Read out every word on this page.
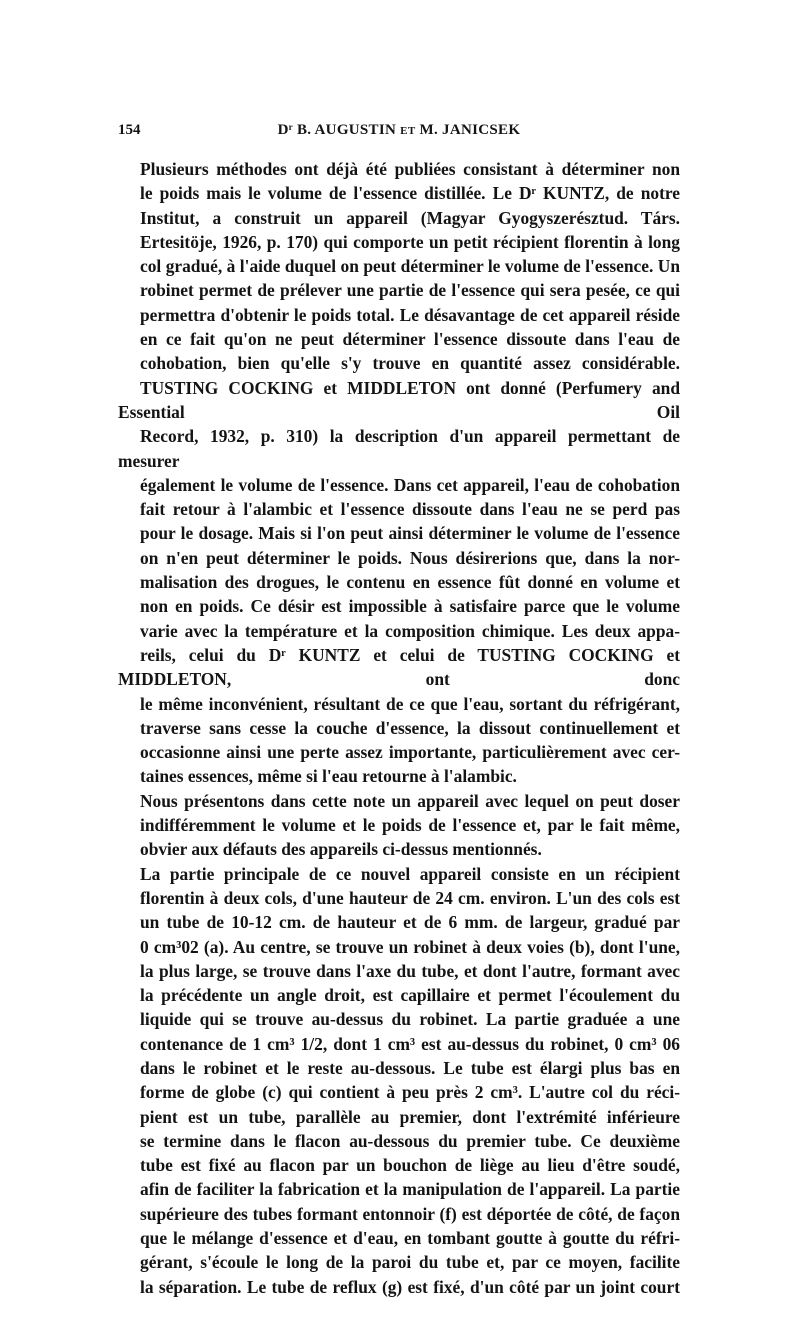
154	Dʳ B. AUGUSTIN et M. JANICSEK

Plusieurs méthodes ont déjà été publiées consistant à déterminer non
le poids mais le volume de l'essence distillée. Le Dʳ KUNTZ, de notre
Institut, a construit un appareil (Magyar Gyogyszerésztud. Társ.
Ertesitöje, 1926, p. 170) qui comporte un petit récipient florentin à long
col gradué, à l'aide duquel on peut déterminer le volume de l'essence. Un
robinet permet de prélever une partie de l'essence qui sera pesée, ce qui
permettra d'obtenir le poids total. Le désavantage de cet appareil réside
en ce fait qu'on ne peut déterminer l'essence dissoute dans l'eau de
cohobation, bien qu'elle s'y trouve en quantité assez considérable.
TUSTING COCKING et MIDDLETON ont donné (Perfumery and Essential Oil
Record, 1932, p. 310) la description d'un appareil permettant de mesurer
également le volume de l'essence. Dans cet appareil, l'eau de cohobation
fait retour à l'alambic et l'essence dissoute dans l'eau ne se perd pas
pour le dosage. Mais si l'on peut ainsi déterminer le volume de l'essence
on n'en peut déterminer le poids. Nous désirerions que, dans la nor-
malisation des drogues, le contenu en essence fût donné en volume et
non en poids. Ce désir est impossible à satisfaire parce que le volume
varie avec la température et la composition chimique. Les deux appa-
reils, celui du Dʳ KUNTZ et celui de TUSTING COCKING et MIDDLETON, ont donc
le même inconvénient, résultant de ce que l'eau, sortant du réfrigérant,
traverse sans cesse la couche d'essence, la dissout continuellement et
occasionne ainsi une perte assez importante, particulièrement avec cer-
taines essences, même si l'eau retourne à l'alambic.

Nous présentons dans cette note un appareil avec lequel on peut doser
indifféremment le volume et le poids de l'essence et, par le fait même,
obvier aux défauts des appareils ci-dessus mentionnés.

La partie principale de ce nouvel appareil consiste en un récipient
florentin à deux cols, d'une hauteur de 24 cm. environ. L'un des cols est
un tube de 10-12 cm. de hauteur et de 6 mm. de largeur, gradué par
0 cm³02 (a). Au centre, se trouve un robinet à deux voies (b), dont l'une,
la plus large, se trouve dans l'axe du tube, et dont l'autre, formant avec
la précédente un angle droit, est capillaire et permet l'écoulement du
liquide qui se trouve au-dessus du robinet. La partie graduée a une
contenance de 1 cm³ 1/2, dont 1 cm³ est au-dessus du robinet, 0 cm³ 06
dans le robinet et le reste au-dessous. Le tube est élargi plus bas en
forme de globe (c) qui contient à peu près 2 cm³. L'autre col du réci-
pient est un tube, parallèle au premier, dont l'extrémité inférieure
se termine dans le flacon au-dessous du premier tube. Ce deuxième
tube est fixé au flacon par un bouchon de liège au lieu d'être soudé,
afin de faciliter la fabrication et la manipulation de l'appareil. La partie
supérieure des tubes formant entonnoir (f) est déportée de côté, de façon
que le mélange d'essence et d'eau, en tombant goutte à goutte du réfri-
gérant, s'écoule le long de la paroi du tube et, par ce moyen, facilite
la séparation. Le tube de reflux (g) est fixé, d'un côté par un joint court
